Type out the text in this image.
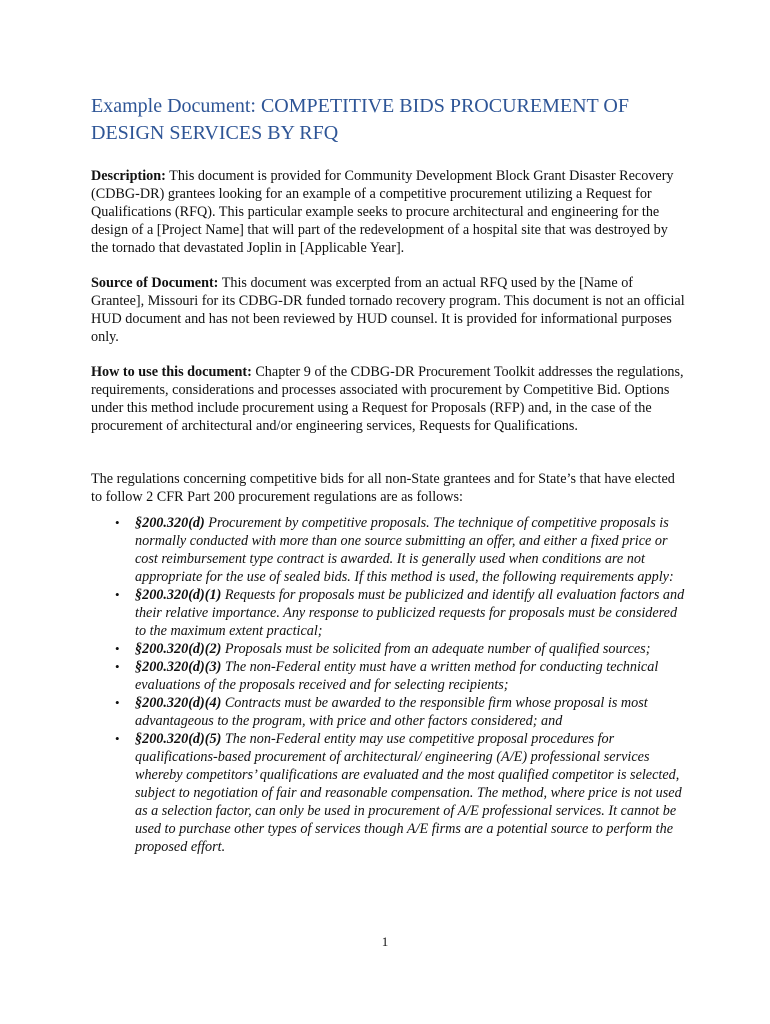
Example Document: COMPETITIVE BIDS PROCUREMENT OF DESIGN SERVICES BY RFQ

Description: This document is provided for Community Development Block Grant Disaster Recovery (CDBG-DR) grantees looking for an example of a competitive procurement utilizing a Request for Qualifications (RFQ). This particular example seeks to procure architectural and engineering for the design of a [Project Name] that will part of the redevelopment of a hospital site that was destroyed by the tornado that devastated Joplin in [Applicable Year].

Source of Document: This document was excerpted from an actual RFQ used by the [Name of Grantee], Missouri for its CDBG-DR funded tornado recovery program. This document is not an official HUD document and has not been reviewed by HUD counsel. It is provided for informational purposes only.

How to use this document: Chapter 9 of the CDBG-DR Procurement Toolkit addresses the regulations, requirements, considerations and processes associated with procurement by Competitive Bid. Options under this method include procurement using a Request for Proposals (RFP) and, in the case of the procurement of architectural and/or engineering services, Requests for Qualifications.

The regulations concerning competitive bids for all non-State grantees and for State’s that have elected to follow 2 CFR Part 200 procurement regulations are as follows:

• §200.320(d) Procurement by competitive proposals. The technique of competitive proposals is normally conducted with more than one source submitting an offer, and either a fixed price or cost reimbursement type contract is awarded. It is generally used when conditions are not appropriate for the use of sealed bids. If this method is used, the following requirements apply:
• §200.320(d)(1) Requests for proposals must be publicized and identify all evaluation factors and their relative importance. Any response to publicized requests for proposals must be considered to the maximum extent practical;
• §200.320(d)(2) Proposals must be solicited from an adequate number of qualified sources;
• §200.320(d)(3) The non-Federal entity must have a written method for conducting technical evaluations of the proposals received and for selecting recipients;
• §200.320(d)(4) Contracts must be awarded to the responsible firm whose proposal is most advantageous to the program, with price and other factors considered; and
• §200.320(d)(5) The non-Federal entity may use competitive proposal procedures for qualifications-based procurement of architectural/ engineering (A/E) professional services whereby competitors’ qualifications are evaluated and the most qualified competitor is selected, subject to negotiation of fair and reasonable compensation. The method, where price is not used as a selection factor, can only be used in procurement of A/E professional services. It cannot be used to purchase other types of services though A/E firms are a potential source to perform the proposed effort.
1
